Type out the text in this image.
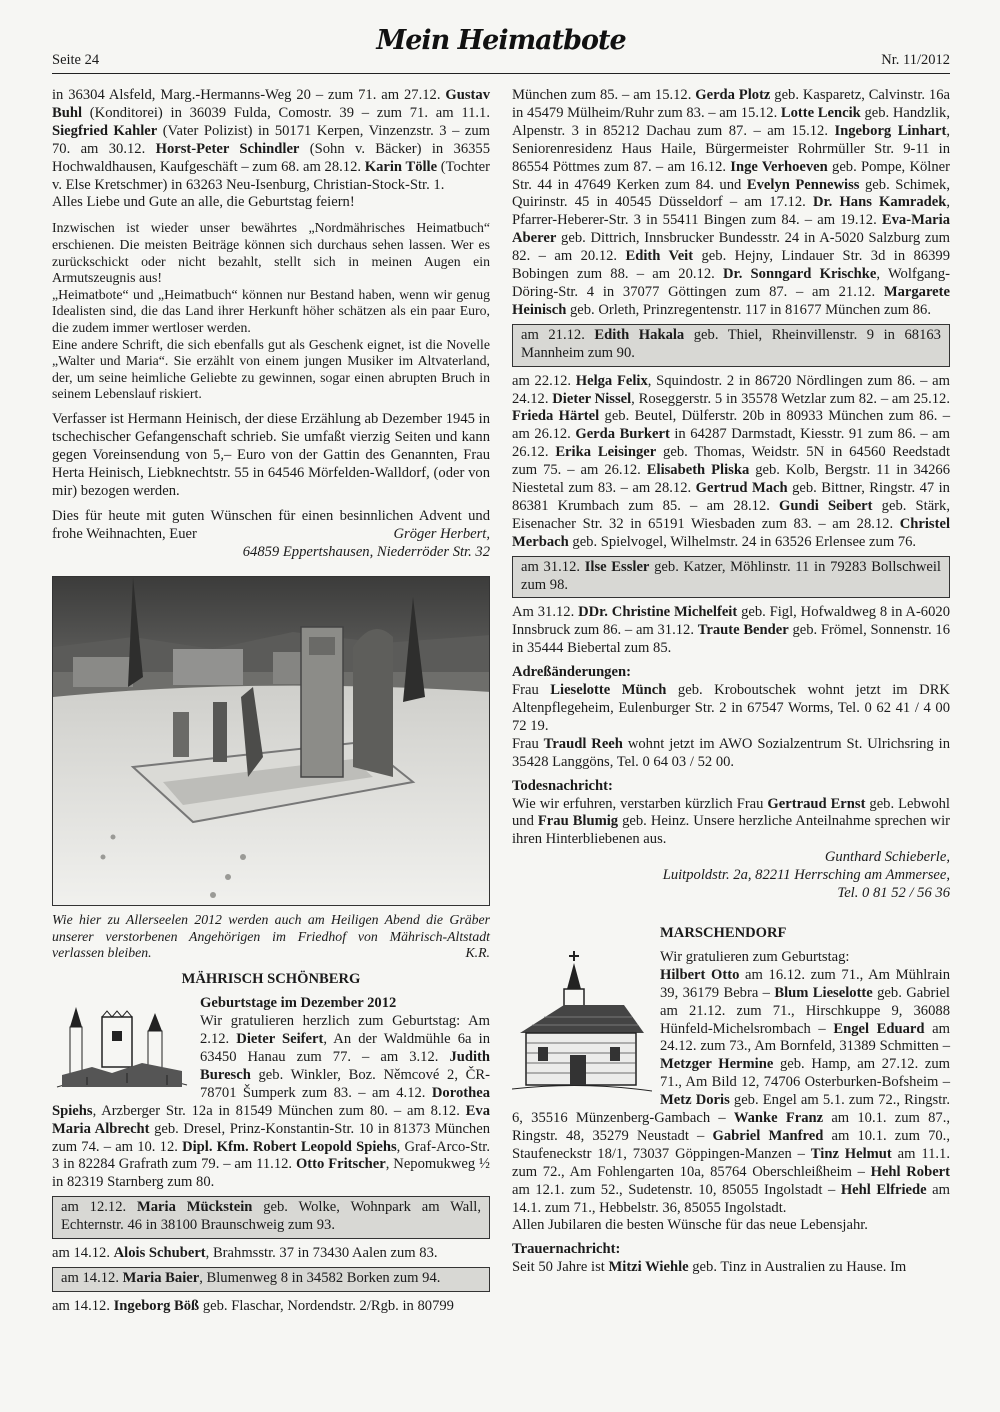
Seite 24
Mein Heimatbote
Nr. 11/2012

in 36304 Alsfeld, Marg.-Hermanns-Weg 20 – zum 71. am 27.12. Gustav Buhl (Konditorei) in 36039 Fulda, Comostr. 39 – zum 71. am 11.1. Siegfried Kahler (Vater Polizist) in 50171 Kerpen, Vinzenzstr. 3 – zum 70. am 30.12. Horst-Peter Schindler (Sohn v. Bäcker) in 36355 Hochwaldhausen, Kaufgeschäft – zum 68. am 28.12. Karin Tölle (Tochter v. Else Kretschmer) in 63263 Neu-Isenburg, Christian-Stock-Str. 1.

Alles Liebe und Gute an alle, die Geburtstag feiern!

Inzwischen ist wieder unser bewährtes „Nordmährisches Heimatbuch“ erschienen. Die meisten Beiträge können sich durchaus sehen lassen. Wer es zurückschickt oder nicht bezahlt, stellt sich in meinen Augen ein Armutszeugnis aus!

„Heimatbote“ und „Heimatbuch“ können nur Bestand haben, wenn wir genug Idealisten sind, die das Land ihrer Herkunft höher schätzen als ein paar Euro, die zudem immer wertloser werden.

Eine andere Schrift, die sich ebenfalls gut als Geschenk eignet, ist die Novelle „Walter und Maria“. Sie erzählt von einem jungen Musiker im Altvaterland, der, um seine heimliche Geliebte zu gewinnen, sogar einen abrupten Bruch in seinem Lebenslauf riskiert.

Verfasser ist Hermann Heinisch, der diese Erzählung ab Dezember 1945 in tschechischer Gefangenschaft schrieb. Sie umfaßt vierzig Seiten und kann gegen Voreinsendung von 5,– Euro von der Gattin des Genannten, Frau Herta Heinisch, Liebknechtstr. 55 in 64546 Mörfelden-Walldorf, (oder von mir) bezogen werden.

Dies für heute mit guten Wünschen für einen besinnlichen Advent und frohe Weihnachten, Euer	Gröger Herbert,

64859 Eppertshausen, Niederröder Str. 32

Wie hier zu Allerseelen 2012 werden auch am Heiligen Abend die Gräber unserer verstorbenen Angehörigen im Friedhof von Mährisch-Altstadt verlassen bleiben.	K.R.

MÄHRISCH SCHÖNBERG

Geburtstage im Dezember 2012

Wir gratulieren herzlich zum Geburtstag: Am 2.12. Dieter Seifert, An der Waldmühle 6a in 63450 Hanau zum 77. – am 3.12. Judith Buresch geb. Winkler, Boz. Němcové 2, ČR-78701 Šumperk zum 83. – am 4.12. Dorothea Spiehs, Arzberger Str. 12a in 81549 München zum 80. – am 8.12. Eva Maria Albrecht geb. Dresel, Prinz-Konstantin-Str. 10 in 81373 München zum 74. – am 10. 12. Dipl. Kfm. Robert Leopold Spiehs, Graf-Arco-Str. 3 in 82284 Grafrath zum 79. – am 11.12. Otto Fritscher, Nepomukweg ½ in 82319 Starnberg zum 80.

am 12.12. Maria Mückstein geb. Wolke, Wohnpark am Wall, Echternstr. 46 in 38100 Braunschweig zum 93.

am 14.12. Alois Schubert, Brahmsstr. 37 in 73430 Aalen zum 83.

am 14.12. Maria Baier, Blumenweg 8 in 34582 Borken zum 94.

am 14.12. Ingeborg Böß geb. Flaschar, Nordendstr. 2/Rgb. in 80799

München zum 85. – am 15.12. Gerda Plotz geb. Kasparetz, Calvinstr. 16a in 45479 Mülheim/Ruhr zum 83. – am 15.12. Lotte Lencik geb. Handzlik, Alpenstr. 3 in 85212 Dachau zum 87. – am 15.12. Ingeborg Linhart, Seniorenresidenz Haus Haile, Bürgermeister Rohrmüller Str. 9-11 in 86554 Pöttmes zum 87. – am 16.12. Inge Verhoeven geb. Pompe, Kölner Str. 44 in 47649 Kerken zum 84. und Evelyn Pennewiss geb. Schimek, Quirinstr. 45 in 40545 Düsseldorf – am 17.12. Dr. Hans Kamradek, Pfarrer-Heberer-Str. 3 in 55411 Bingen zum 84. – am 19.12. Eva-Maria Aberer geb. Dittrich, Innsbrucker Bundesstr. 24 in A-5020 Salzburg zum 82. – am 20.12. Edith Veit geb. Hejny, Lindauer Str. 3d in 86399 Bobingen zum 88. – am 20.12. Dr. Sonngard Krischke, Wolfgang-Döring-Str. 4 in 37077 Göttingen zum 87. – am 21.12. Margarete Heinisch geb. Orleth, Prinzregentenstr. 117 in 81677 München zum 86.

am 21.12. Edith Hakala geb. Thiel, Rheinvillenstr. 9 in 68163 Mannheim zum 90.

am 22.12. Helga Felix, Squindostr. 2 in 86720 Nördlingen zum 86. – am 24.12. Dieter Nissel, Roseggerstr. 5 in 35578 Wetzlar zum 82. – am 25.12. Frieda Härtel geb. Beutel, Dülferstr. 20b in 80933 München zum 86. – am 26.12. Gerda Burkert in 64287 Darmstadt, Kiesstr. 91 zum 86. – am 26.12. Erika Leisinger geb. Thomas, Weidstr. 5N in 64560 Reedstadt zum 75. – am 26.12. Elisabeth Pliska geb. Kolb, Bergstr. 11 in 34266 Niestetal zum 83. – am 28.12. Gertrud Mach geb. Bittner, Ringstr. 47 in 86381 Krumbach zum 85. – am 28.12. Gundi Seibert geb. Stärk, Eisenacher Str. 32 in 65191 Wiesbaden zum 83. – am 28.12. Christel Merbach geb. Spielvogel, Wilhelmstr. 24 in 63526 Erlensee zum 76.

am 31.12. Ilse Essler geb. Katzer, Möhlinstr. 11 in 79283 Bollschweil zum 98.

Am 31.12. DDr. Christine Michelfeit geb. Figl, Hofwaldweg 8 in A-6020 Innsbruck zum 86. – am 31.12. Traute Bender geb. Frömel, Sonnenstr. 16 in 35444 Biebertal zum 85.

Adreßänderungen:

Frau Lieselotte Münch geb. Kroboutschek wohnt jetzt im DRK Altenpflegeheim, Eulenburger Str. 2 in 67547 Worms, Tel. 0 62 41 / 4 00 72 19.

Frau Traudl Reeh wohnt jetzt im AWO Sozialzentrum St. Ulrichsring in 35428 Langgöns, Tel. 0 64 03 / 52 00.

Todesnachricht:

Wie wir erfuhren, verstarben kürzlich Frau Gertraud Ernst geb. Lebwohl und Frau Blumig geb. Heinz. Unsere herzliche Anteilnahme sprechen wir ihren Hinterbliebenen aus.

Gunthard Schieberle,

Luitpoldstr. 2a, 82211 Herrsching am Ammersee,

Tel. 0 81 52 / 56 36

MARSCHENDORF

Wir gratulieren zum Geburtstag:

Hilbert Otto am 16.12. zum 71., Am Mühlrain 39, 36179 Bebra – Blum Lieselotte geb. Gabriel am 21.12. zum 71., Hirschkuppe 9, 36088 Hünfeld-Michelsrombach – Engel Eduard am 24.12. zum 73., Am Bornfeld, 31389 Schmitten – Metzger Hermine geb. Hamp, am 27.12. zum 71., Am Bild 12, 74706 Osterburken-Bofsheim – Metz Doris geb. Engel am 5.1. zum 72., Ringstr. 6, 35516 Münzenberg-Gambach – Wanke Franz am 10.1. zum 87., Ringstr. 48, 35279 Neustadt – Gabriel Manfred am 10.1. zum 70., Staufeneckstr 18/1, 73037 Göppingen-Manzen – Tinz Helmut am 11.1. zum 72., Am Fohlengarten 10a, 85764 Oberschleißheim – Hehl Robert am 12.1. zum 52., Sudetenstr. 10, 85055 Ingolstadt – Hehl Elfriede am 14.1. zum 71., Hebbelstr. 36, 85055 Ingolstadt.

Allen Jubilaren die besten Wünsche für das neue Lebensjahr.

Trauernachricht:

Seit 50 Jahre ist Mitzi Wiehle geb. Tinz in Australien zu Hause. Im
